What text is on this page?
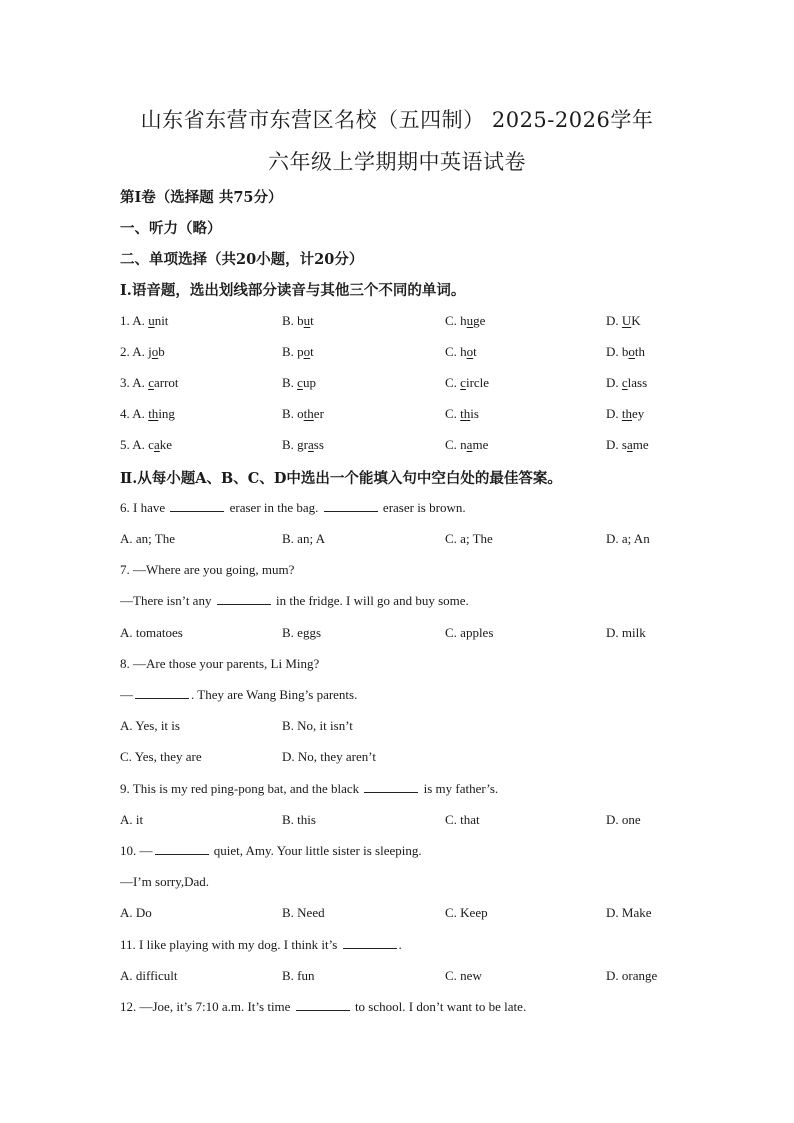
山东省东营市东营区名校（五四制） 2025-2026学年
六年级上学期期中英语试卷
第Ⅰ卷（选择题 共75分）
一、听力（略）
二、单项选择（共20小题，计20分）
Ⅰ.语音题，选出划线部分读音与其他三个不同的单词。
1. A. unit	B. but	C. huge	D. UK
2. A. job	B. pot	C. hot	D. both
3. A. carrot	B. cup	C. circle	D. class
4. A. thing	B. other	C. this	D. they
5. A. cake	B. grass	C. name	D. same
Ⅱ.从每小题A、B、C、D中选出一个能填入句中空白处的最佳答案。
6. I have	eraser in the bag.	eraser is brown.
A. an; The	B. an; A	C. a; The	D. a; An
7. —Where are you going, mum?
—There isn’t any	in the fridge. I will go and buy some.
A. tomatoes	B. eggs	C. apples	D. milk
8. —Are those your parents, Li Ming?
—	. They are Wang Bing’s parents.
A. Yes, it is	B. No, it isn’t
C. Yes, they are	D. No, they aren’t
9. This is my red ping-pong bat, and the black	is my father’s.
A. it	B. this	C. that	D. one
10. —	quiet, Amy. Your little sister is sleeping.
—I’m sorry,Dad.
A. Do	B. Need	C. Keep	D. Make
11. I like playing with my dog. I think it’s	.
A. difficult	B. fun	C. new	D. orange
12. —Joe, it’s 7:10 a.m. It’s time	to school. I don’t want to be late.
